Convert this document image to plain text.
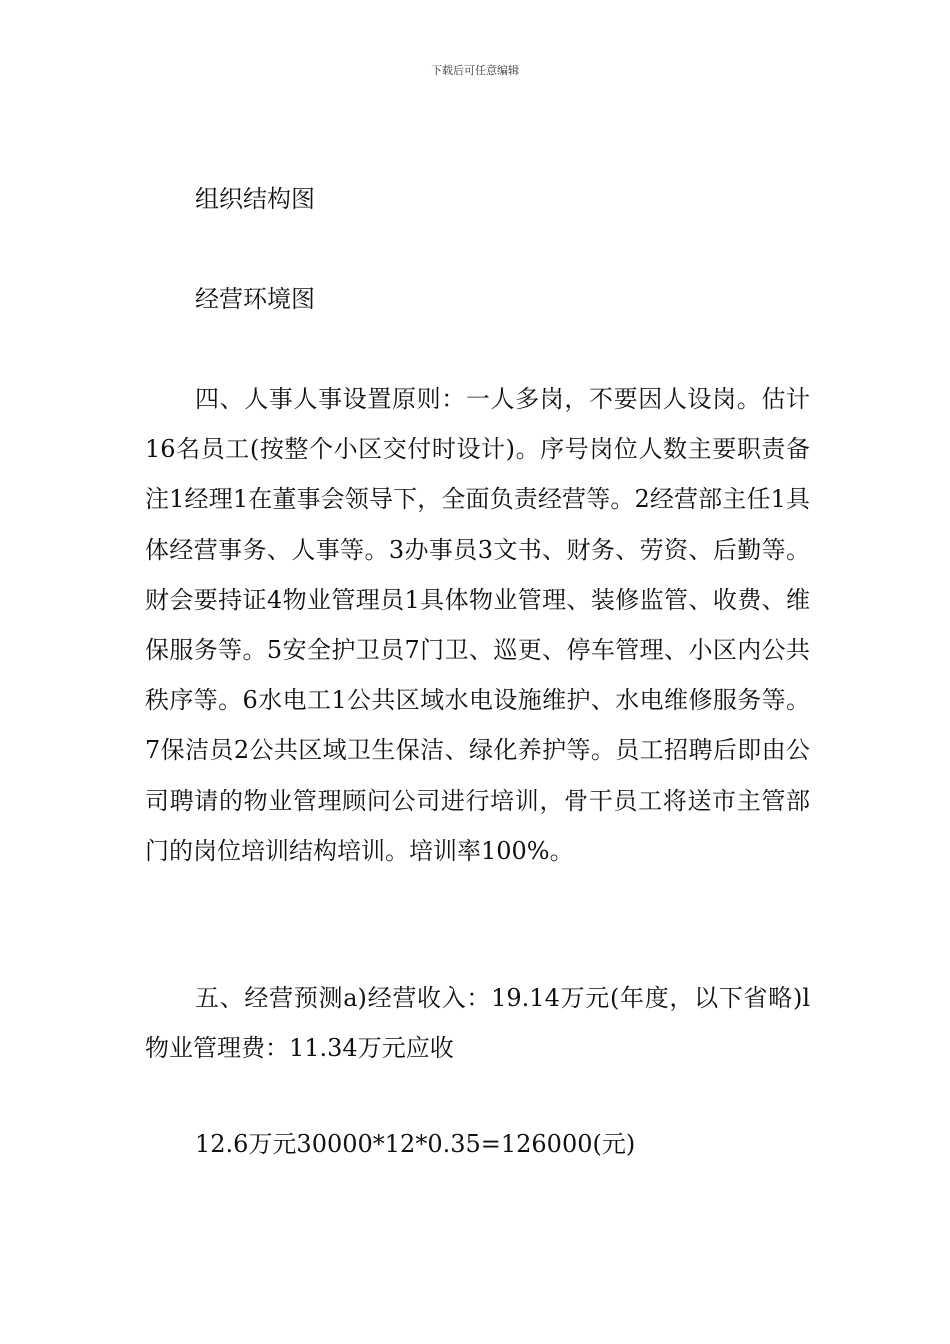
下载后可任意编辑

组织结构图

经营环境图

四、人事人事设置原则：一人多岗，不要因人设岗。估计16名员工(按整个小区交付时设计)。序号岗位人数主要职责备注1经理1在董事会领导下，全面负责经营等。2经营部主任1具体经营事务、人事等。3办事员3文书、财务、劳资、后勤等。财会要持证4物业管理员1具体物业管理、装修监管、收费、维保服务等。5安全护卫员7门卫、巡更、停车管理、小区内公共秩序等。6水电工1公共区域水电设施维护、水电维修服务等。7保洁员2公共区域卫生保洁、绿化养护等。员工招聘后即由公司聘请的物业管理顾问公司进行培训，骨干员工将送市主管部门的岗位培训结构培训。培训率100%。

五、经营预测a)经营收入：19.14万元(年度，以下省略)l物业管理费：11.34万元应收

12.6万元30000*12*0.35=126000(元)
